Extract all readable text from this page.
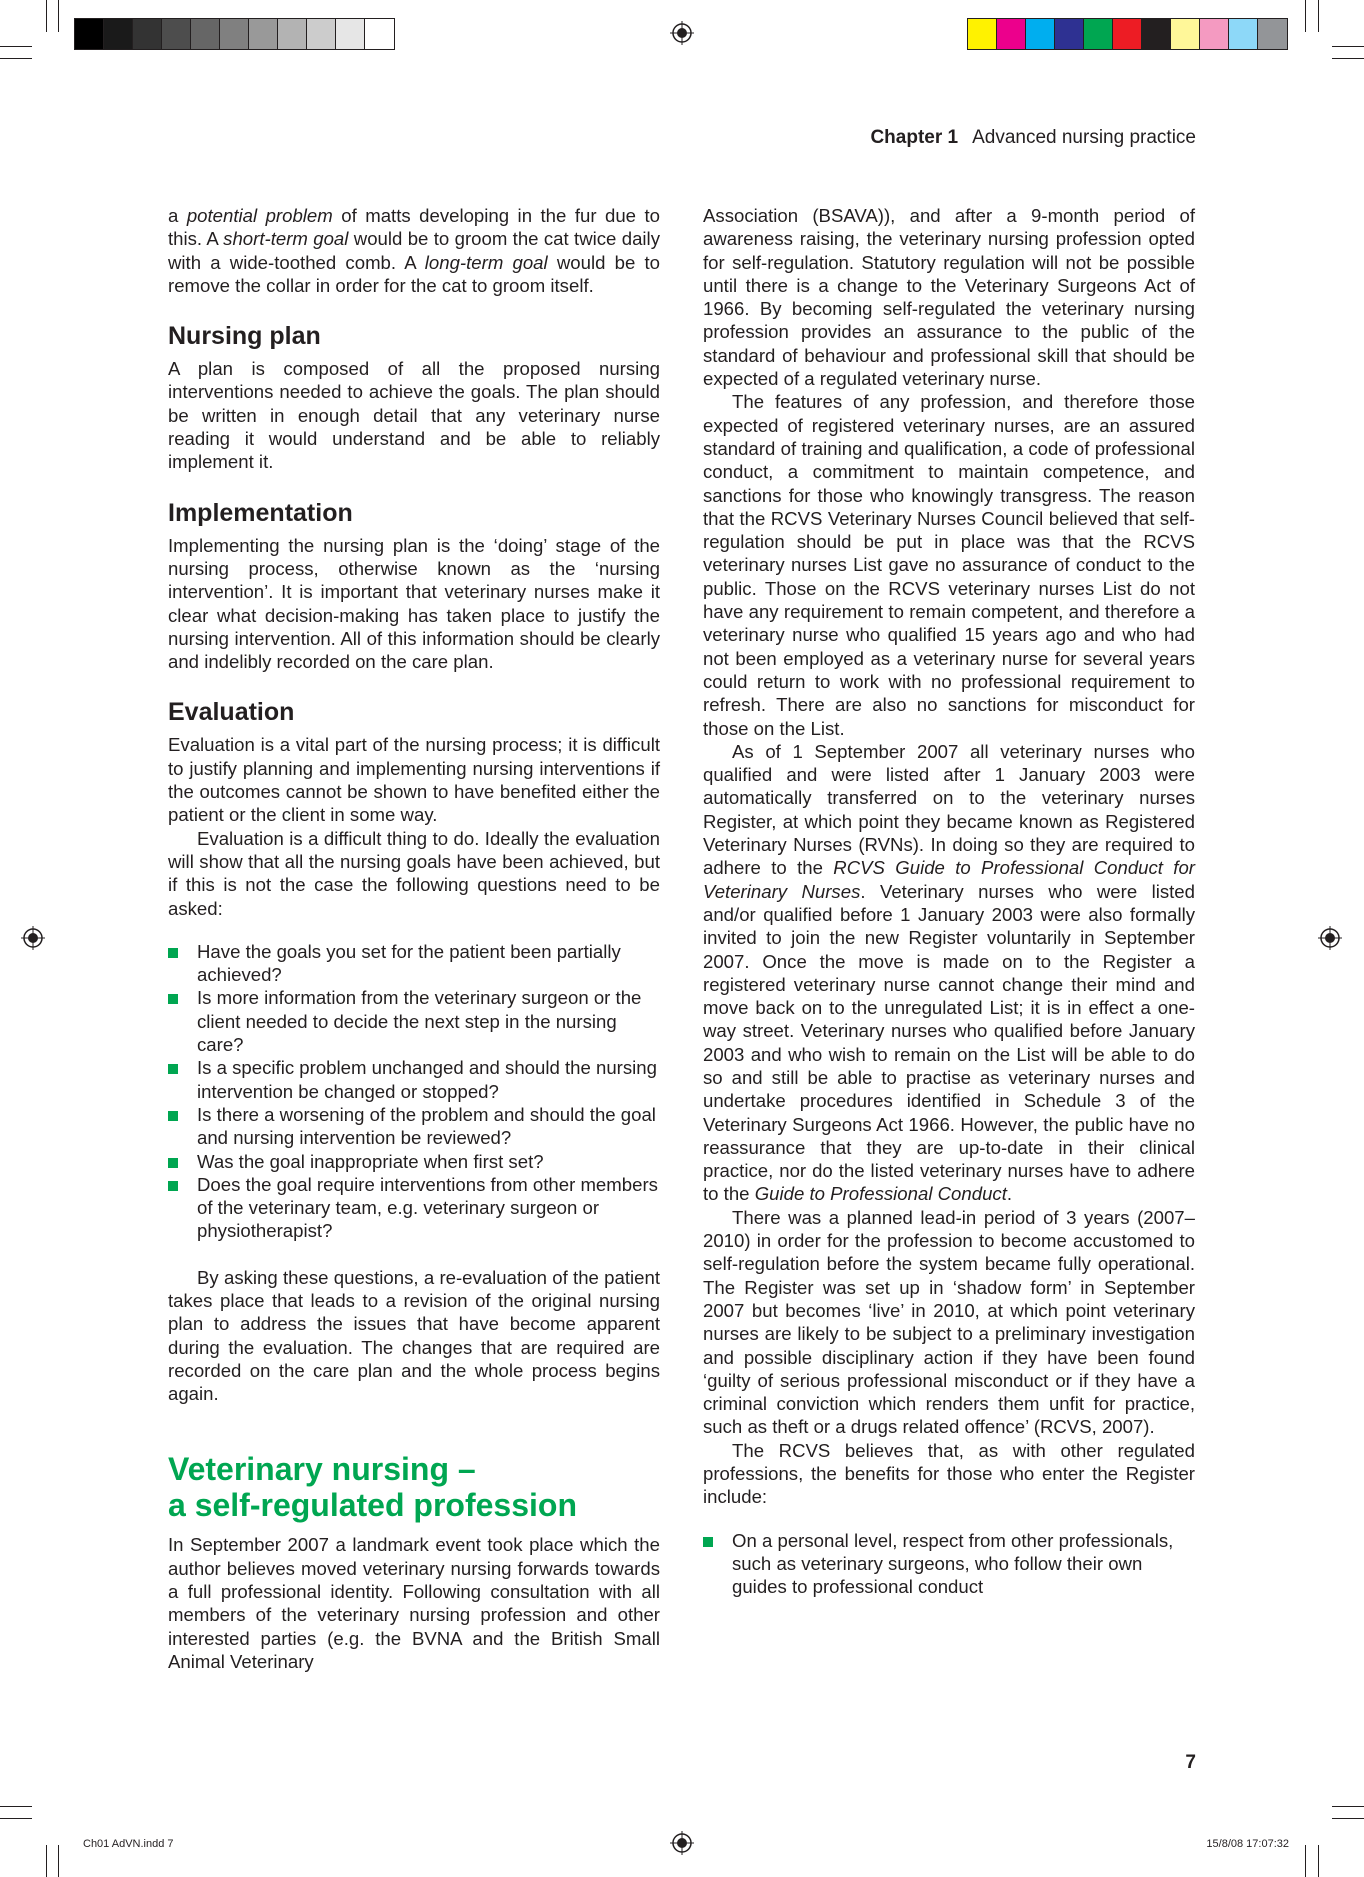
Chapter 1 Advanced nursing practice

a potential problem of matts developing in the fur due to this. A short-term goal would be to groom the cat twice daily with a wide-toothed comb. A long-term goal would be to remove the collar in order for the cat to groom itself.

Nursing plan

A plan is composed of all the proposed nursing interventions needed to achieve the goals. The plan should be written in enough detail that any veterinary nurse reading it would understand and be able to reliably implement it.

Implementation

Implementing the nursing plan is the ‘doing’ stage of the nursing process, otherwise known as the ‘nursing intervention’. It is important that veterinary nurses make it clear what decision-making has taken place to justify the nursing intervention. All of this information should be clearly and indelibly recorded on the care plan.

Evaluation

Evaluation is a vital part of the nursing process; it is difficult to justify planning and implementing nursing interventions if the outcomes cannot be shown to have benefited either the patient or the client in some way.

Evaluation is a difficult thing to do. Ideally the evaluation will show that all the nursing goals have been achieved, but if this is not the case the following questions need to be asked:

Have the goals you set for the patient been partially achieved?
Is more information from the veterinary surgeon or the client needed to decide the next step in the nursing care?
Is a specific problem unchanged and should the nursing intervention be changed or stopped?
Is there a worsening of the problem and should the goal and nursing intervention be reviewed?
Was the goal inappropriate when first set?
Does the goal require interventions from other members of the veterinary team, e.g. veterinary surgeon or physiotherapist?

By asking these questions, a re-evaluation of the patient takes place that leads to a revision of the original nursing plan to address the issues that have become apparent during the evaluation. The changes that are required are recorded on the care plan and the whole process begins again.

Veterinary nursing –
a self-regulated profession

In September 2007 a landmark event took place which the author believes moved veterinary nursing forwards towards a full professional identity. Following consultation with all members of the veterinary nursing profession and other interested parties (e.g. the BVNA and the British Small Animal Veterinary

Association (BSAVA)), and after a 9-month period of awareness raising, the veterinary nursing profession opted for self-regulation. Statutory regulation will not be possible until there is a change to the Veterinary Surgeons Act of 1966. By becoming self-regulated the veterinary nursing profession provides an assurance to the public of the standard of behaviour and professional skill that should be expected of a regulated veterinary nurse.

The features of any profession, and therefore those expected of registered veterinary nurses, are an assured standard of training and qualification, a code of professional conduct, a commitment to maintain competence, and sanctions for those who knowingly transgress. The reason that the RCVS Veterinary Nurses Council believed that self-regulation should be put in place was that the RCVS veterinary nurses List gave no assurance of conduct to the public. Those on the RCVS veterinary nurses List do not have any requirement to remain competent, and therefore a veterinary nurse who qualified 15 years ago and who had not been employed as a veterinary nurse for several years could return to work with no professional requirement to refresh. There are also no sanctions for misconduct for those on the List.

As of 1 September 2007 all veterinary nurses who qualified and were listed after 1 January 2003 were automatically transferred on to the veterinary nurses Register, at which point they became known as Registered Veterinary Nurses (RVNs). In doing so they are required to adhere to the RCVS Guide to Professional Conduct for Veterinary Nurses. Veterinary nurses who were listed and/or qualified before 1 January 2003 were also formally invited to join the new Register voluntarily in September 2007. Once the move is made on to the Register a registered veterinary nurse cannot change their mind and move back on to the unregulated List; it is in effect a one-way street. Veterinary nurses who qualified before January 2003 and who wish to remain on the List will be able to do so and still be able to practise as veterinary nurses and undertake procedures identified in Schedule 3 of the Veterinary Surgeons Act 1966. However, the public have no reassurance that they are up-to-date in their clinical practice, nor do the listed veterinary nurses have to adhere to the Guide to Professional Conduct.

There was a planned lead-in period of 3 years (2007–2010) in order for the profession to become accustomed to self-regulation before the system became fully operational. The Register was set up in ‘shadow form’ in September 2007 but becomes ‘live’ in 2010, at which point veterinary nurses are likely to be subject to a preliminary investigation and possible disciplinary action if they have been found ‘guilty of serious professional misconduct or if they have a criminal conviction which renders them unfit for practice, such as theft or a drugs related offence’ (RCVS, 2007).

The RCVS believes that, as with other regulated professions, the benefits for those who enter the Register include:

On a personal level, respect from other professionals, such as veterinary surgeons, who follow their own guides to professional conduct
7
Ch01 AdVN.indd 7	15/8/08 17:07:32
